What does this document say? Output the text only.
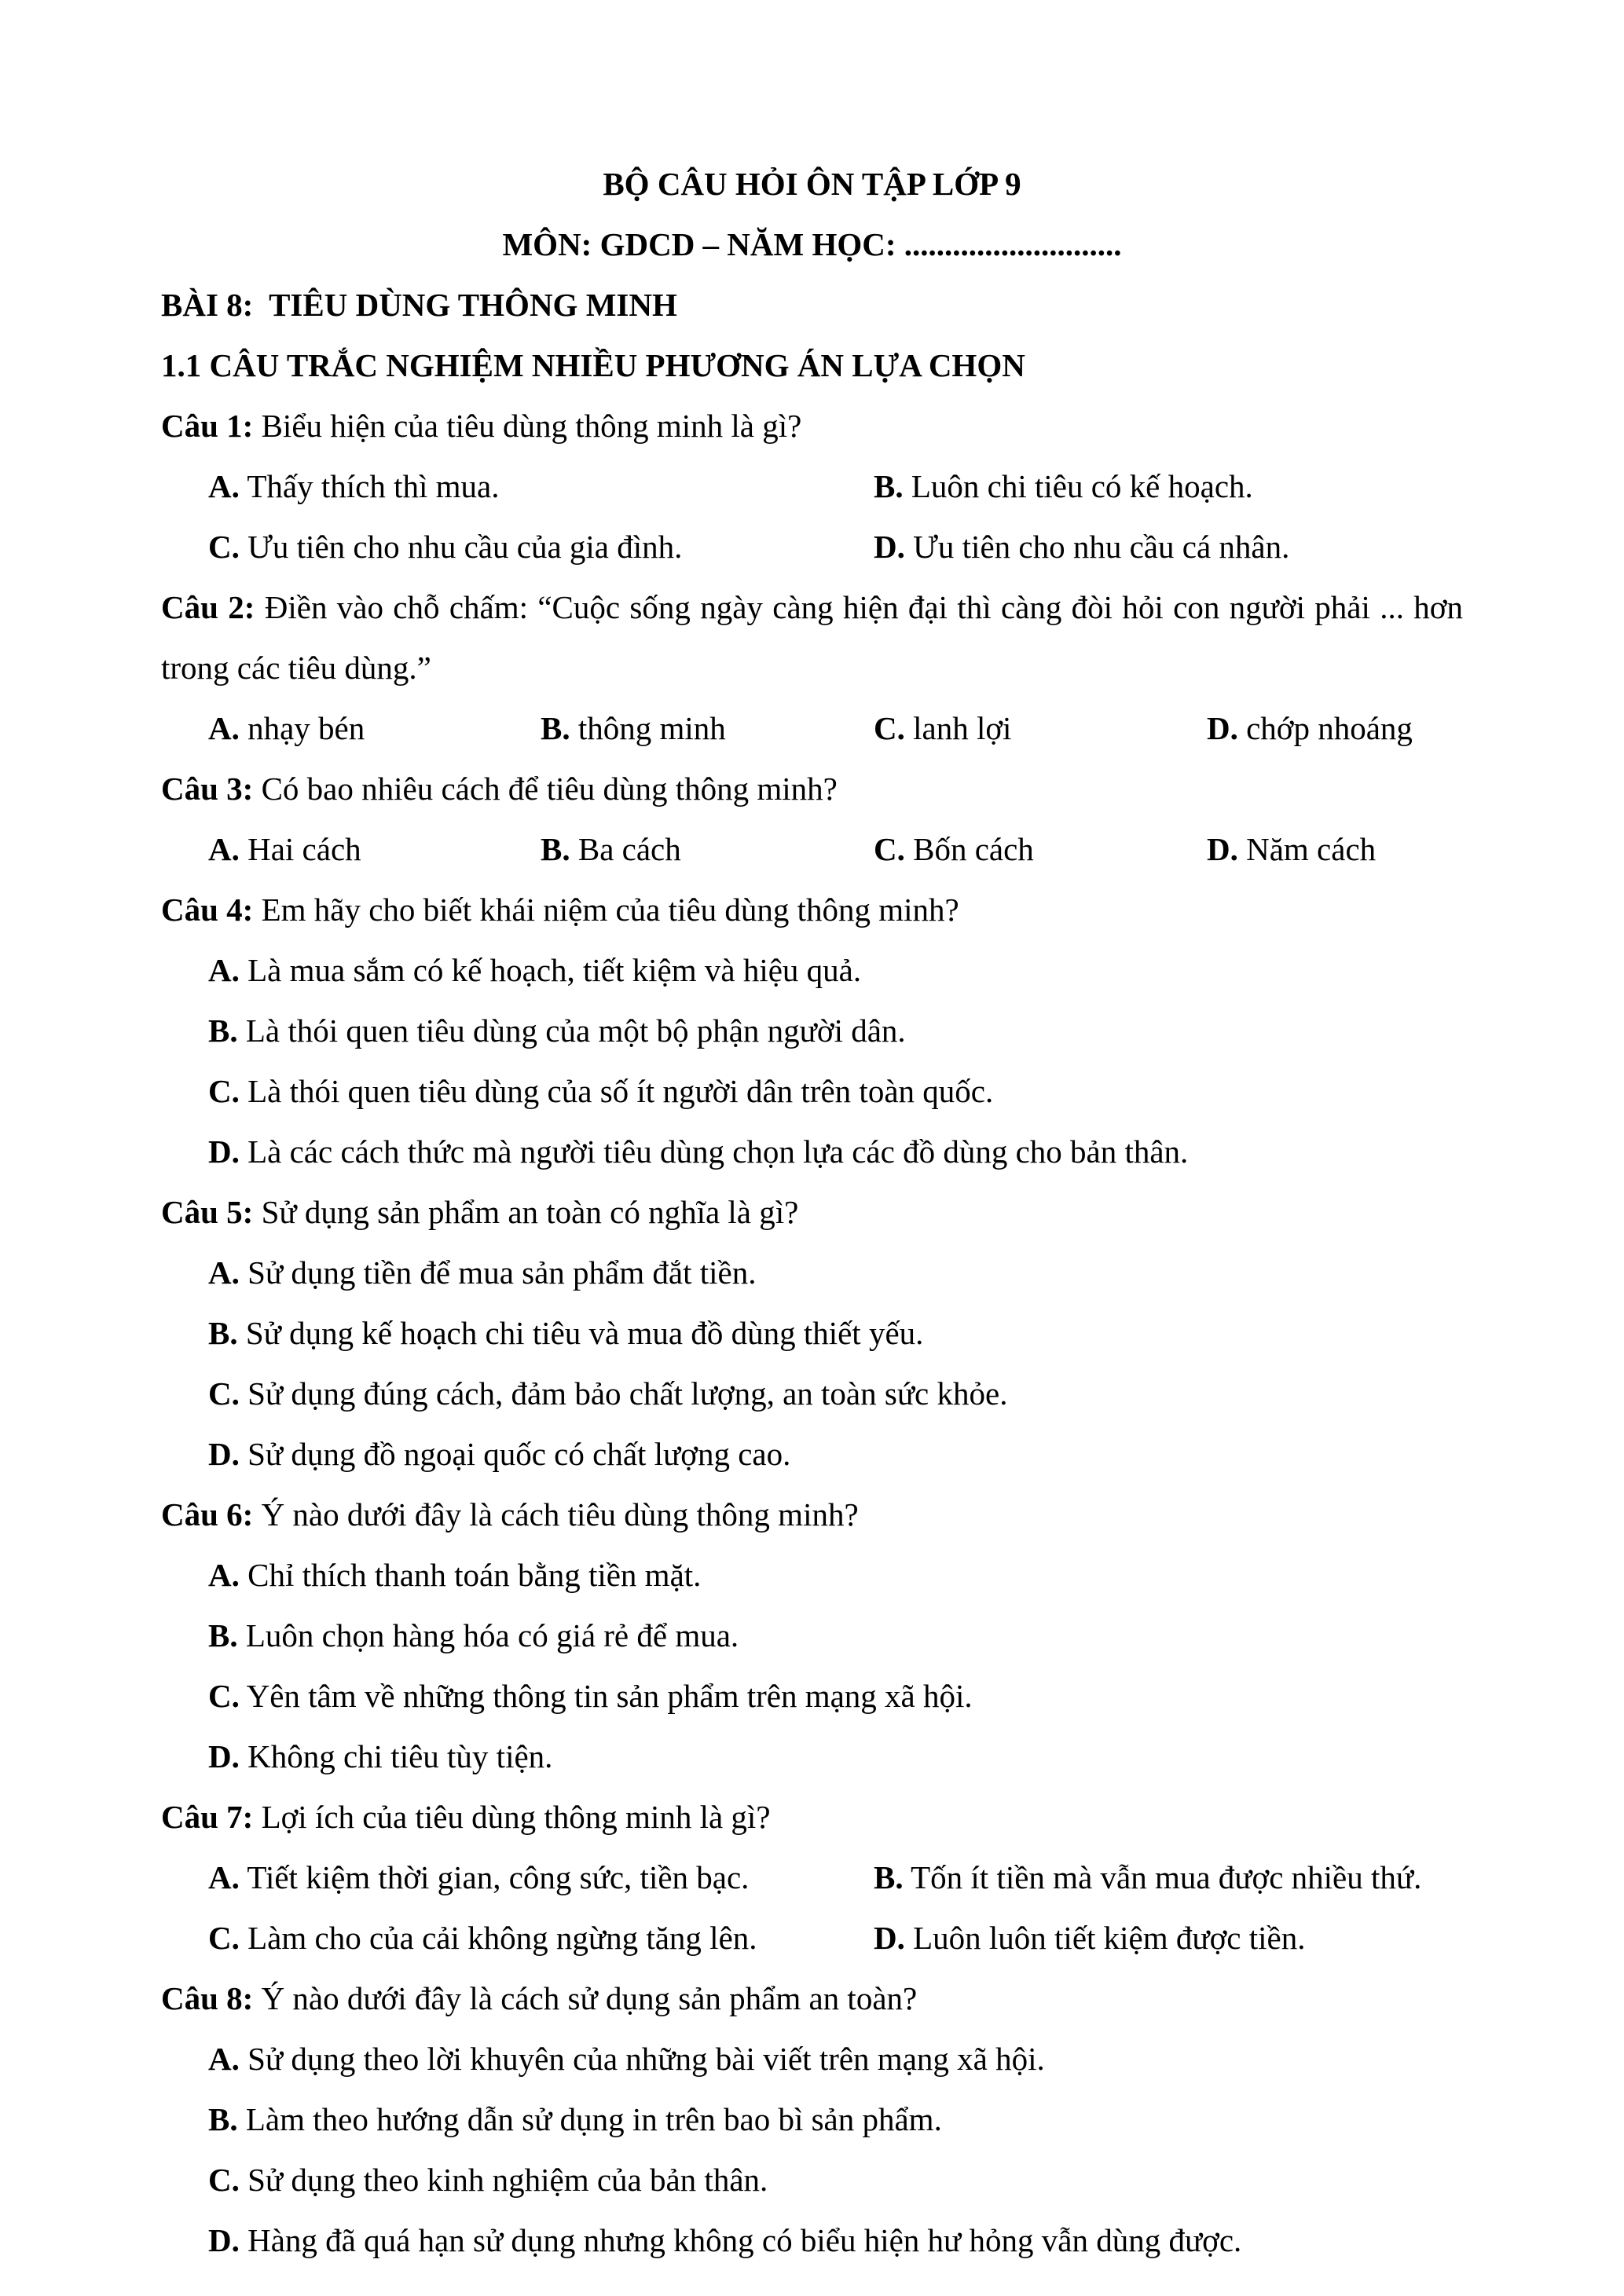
BỘ CÂU HỎI ÔN TẬP LỚP 9
MÔN: GDCD – NĂM HỌC: ...........................
BÀI 8:  TIÊU DÙNG THÔNG MINH
1.1 CÂU TRẮC NGHIỆM NHIỀU PHƯƠNG ÁN LỰA CHỌN

Câu 1: Biểu hiện của tiêu dùng thông minh là gì?

A. Thấy thích thì mua.	B. Luôn chi tiêu có kế hoạch.
C. Ưu tiên cho nhu cầu của gia đình.	D. Ưu tiên cho nhu cầu cá nhân.

Câu 2: Điền vào chỗ chấm: “Cuộc sống ngày càng hiện đại thì càng đòi hỏi con người phải ... hơn trong các tiêu dùng.”

A. nhạy bén	B. thông minh	C. lanh lợi	D. chớp nhoáng

Câu 3: Có bao nhiêu cách để tiêu dùng thông minh?

A. Hai cách	B. Ba cách	C. Bốn cách	D. Năm cách

Câu 4: Em hãy cho biết khái niệm của tiêu dùng thông minh?

A. Là mua sắm có kế hoạch, tiết kiệm và hiệu quả.
B. Là thói quen tiêu dùng của một bộ phận người dân.
C. Là thói quen tiêu dùng của số ít người dân trên toàn quốc.
D. Là các cách thức mà người tiêu dùng chọn lựa các đồ dùng cho bản thân.

Câu 5: Sử dụng sản phẩm an toàn có nghĩa là gì?

A. Sử dụng tiền để mua sản phẩm đắt tiền.
B. Sử dụng kế hoạch chi tiêu và mua đồ dùng thiết yếu.
C. Sử dụng đúng cách, đảm bảo chất lượng, an toàn sức khỏe.
D. Sử dụng đồ ngoại quốc có chất lượng cao.

Câu 6: Ý nào dưới đây là cách tiêu dùng thông minh?

A. Chỉ thích thanh toán bằng tiền mặt.
B. Luôn chọn hàng hóa có giá rẻ để mua.
C. Yên tâm về những thông tin sản phẩm trên mạng xã hội.
D. Không chi tiêu tùy tiện.

Câu 7: Lợi ích của tiêu dùng thông minh là gì?

A. Tiết kiệm thời gian, công sức, tiền bạc.	B. Tốn ít tiền mà vẫn mua được nhiều thứ.
C. Làm cho của cải không ngừng tăng lên.	D. Luôn luôn tiết kiệm được tiền.

Câu 8: Ý nào dưới đây là cách sử dụng sản phẩm an toàn?

A. Sử dụng theo lời khuyên của những bài viết trên mạng xã hội.
B. Làm theo hướng dẫn sử dụng in trên bao bì sản phẩm.
C. Sử dụng theo kinh nghiệm của bản thân.
D. Hàng đã quá hạn sử dụng nhưng không có biểu hiện hư hỏng vẫn dùng được.
